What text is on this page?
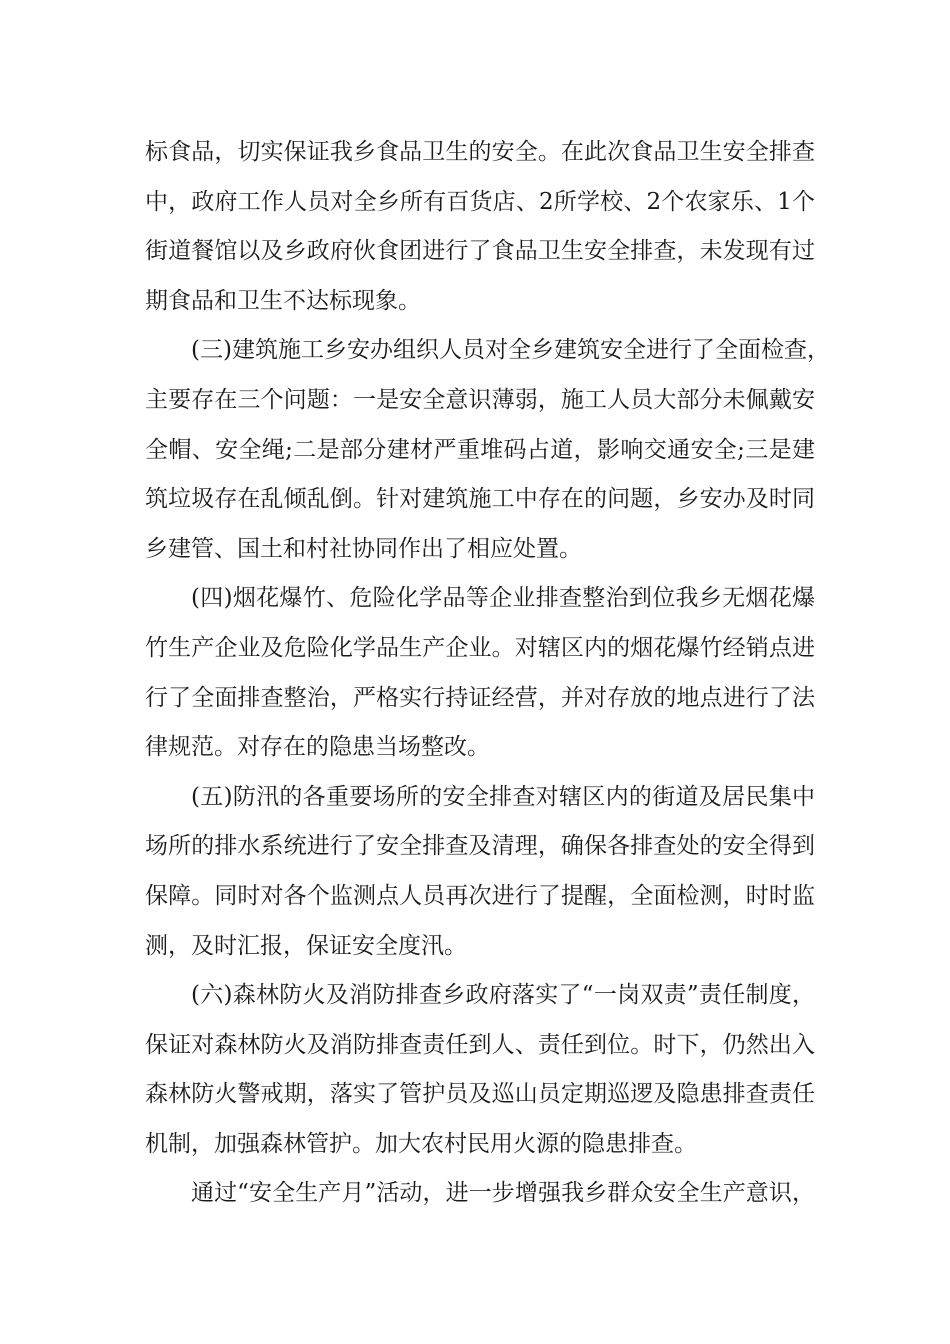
标食品，切实保证我乡食品卫生的安全。在此次食品卫生安全排查
中，政府工作人员对全乡所有百货店、2所学校、2个农家乐、1个
街道餐馆以及乡政府伙食团进行了食品卫生安全排查，未发现有过
期食品和卫生不达标现象。
(三)建筑施工乡安办组织人员对全乡建筑安全进行了全面检查，
主要存在三个问题：一是安全意识薄弱，施工人员大部分未佩戴安
全帽、安全绳;二是部分建材严重堆码占道，影响交通安全;三是建
筑垃圾存在乱倾乱倒。针对建筑施工中存在的问题，乡安办及时同
乡建管、国土和村社协同作出了相应处置。
(四)烟花爆竹、危险化学品等企业排查整治到位我乡无烟花爆
竹生产企业及危险化学品生产企业。对辖区内的烟花爆竹经销点进
行了全面排查整治，严格实行持证经营，并对存放的地点进行了法
律规范。对存在的隐患当场整改。
(五)防汛的各重要场所的安全排查对辖区内的街道及居民集中
场所的排水系统进行了安全排查及清理，确保各排查处的安全得到
保障。同时对各个监测点人员再次进行了提醒，全面检测，时时监
测，及时汇报，保证安全度汛。
(六)森林防火及消防排查乡政府落实了“一岗双责”责任制度，
保证对森林防火及消防排查责任到人、责任到位。时下，仍然出入
森林防火警戒期，落实了管护员及巡山员定期巡逻及隐患排查责任
机制，加强森林管护。加大农村民用火源的隐患排查。
通过“安全生产月”活动，进一步增强我乡群众安全生产意识，
